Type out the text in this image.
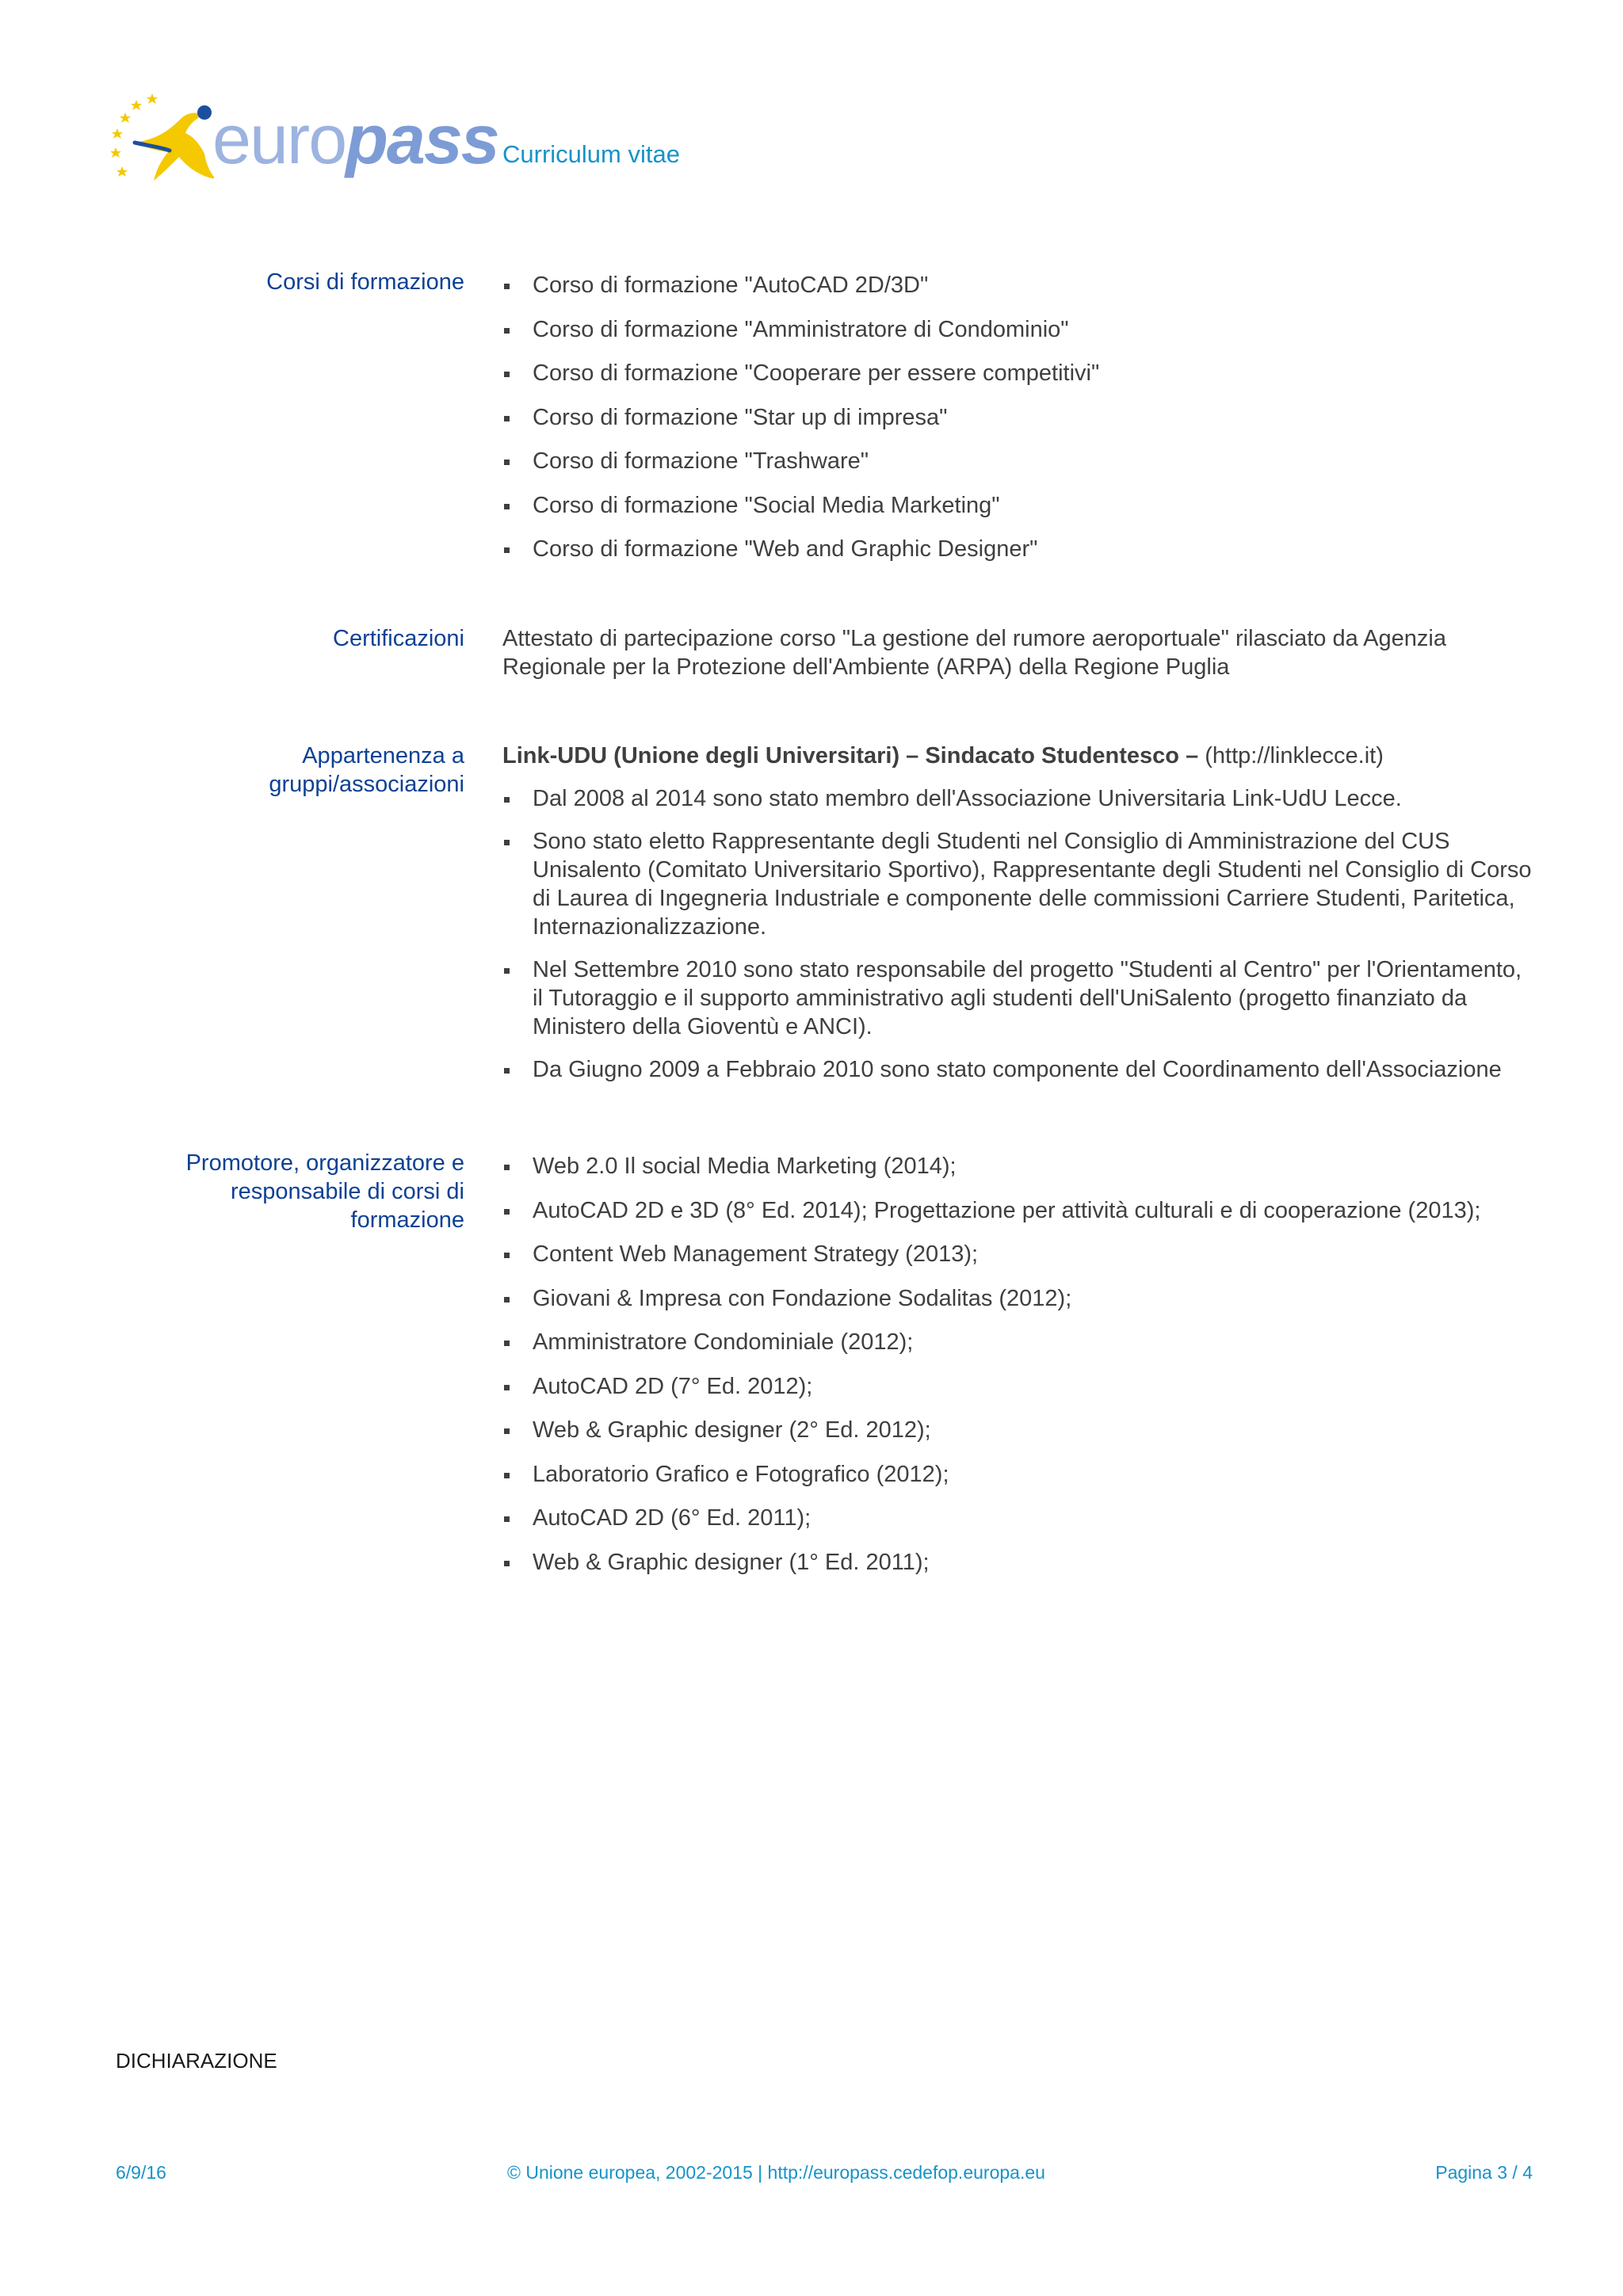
europass Curriculum vitae
Corsi di formazione	Corso di formazione "AutoCAD 2D/3D"
Corso di formazione "Amministratore di Condominio"
Corso di formazione "Cooperare per essere competitivi"
Corso di formazione "Star up di impresa"
Corso di formazione "Trashware"
Corso di formazione "Social Media Marketing"
Corso di formazione "Web and Graphic Designer"
Certificazioni Attestato di partecipazione corso "La gestione del rumore aeroportuale" rilasciato da Agenzia Regionale per la Protezione dell'Ambiente (ARPA) della Regione Puglia

Appartenenza a gruppi/associazioni

Link-UDU (Unione degli Universitari) – Sindacato Studentesco – (http://linklecce.it)

Dal 2008 al 2014 sono stato membro dell'Associazione Universitaria Link-UdU Lecce.
Sono stato eletto Rappresentante degli Studenti nel Consiglio di Amministrazione del CUS Unisalento (Comitato Universitario Sportivo), Rappresentante degli Studenti nel Consiglio di Corso di Laurea di Ingegneria Industriale e componente delle commissioni Carriere Studenti, Paritetica, Internazionalizzazione.
Nel Settembre 2010 sono stato responsabile del progetto "Studenti al Centro" per l'Orientamento, il Tutoraggio e il supporto amministrativo agli studenti dell'UniSalento (progetto finanziato da Ministero della Gioventù e ANCI).
Da Giugno 2009 a Febbraio 2010 sono stato componente del Coordinamento dell'Associazione
Promotore, organizzatore e responsabile di corsi di formazione
Web 2.0 Il social Media Marketing (2014);
AutoCAD 2D e 3D (8° Ed. 2014); Progettazione per attività culturali e di cooperazione (2013);
Content Web Management Strategy (2013);
Giovani & Impresa con Fondazione Sodalitas (2012);
Amministratore Condominiale (2012);
AutoCAD 2D (7° Ed. 2012);
Web & Graphic designer (2° Ed. 2012);
Laboratorio Grafico e Fotografico (2012);
AutoCAD 2D (6° Ed. 2011);
Web & Graphic designer (1° Ed. 2011);
DICHIARAZIONE
6/9/16	© Unione europea, 2002-2015 | http://europass.cedefop.europa.eu	Pagina 3 / 4
